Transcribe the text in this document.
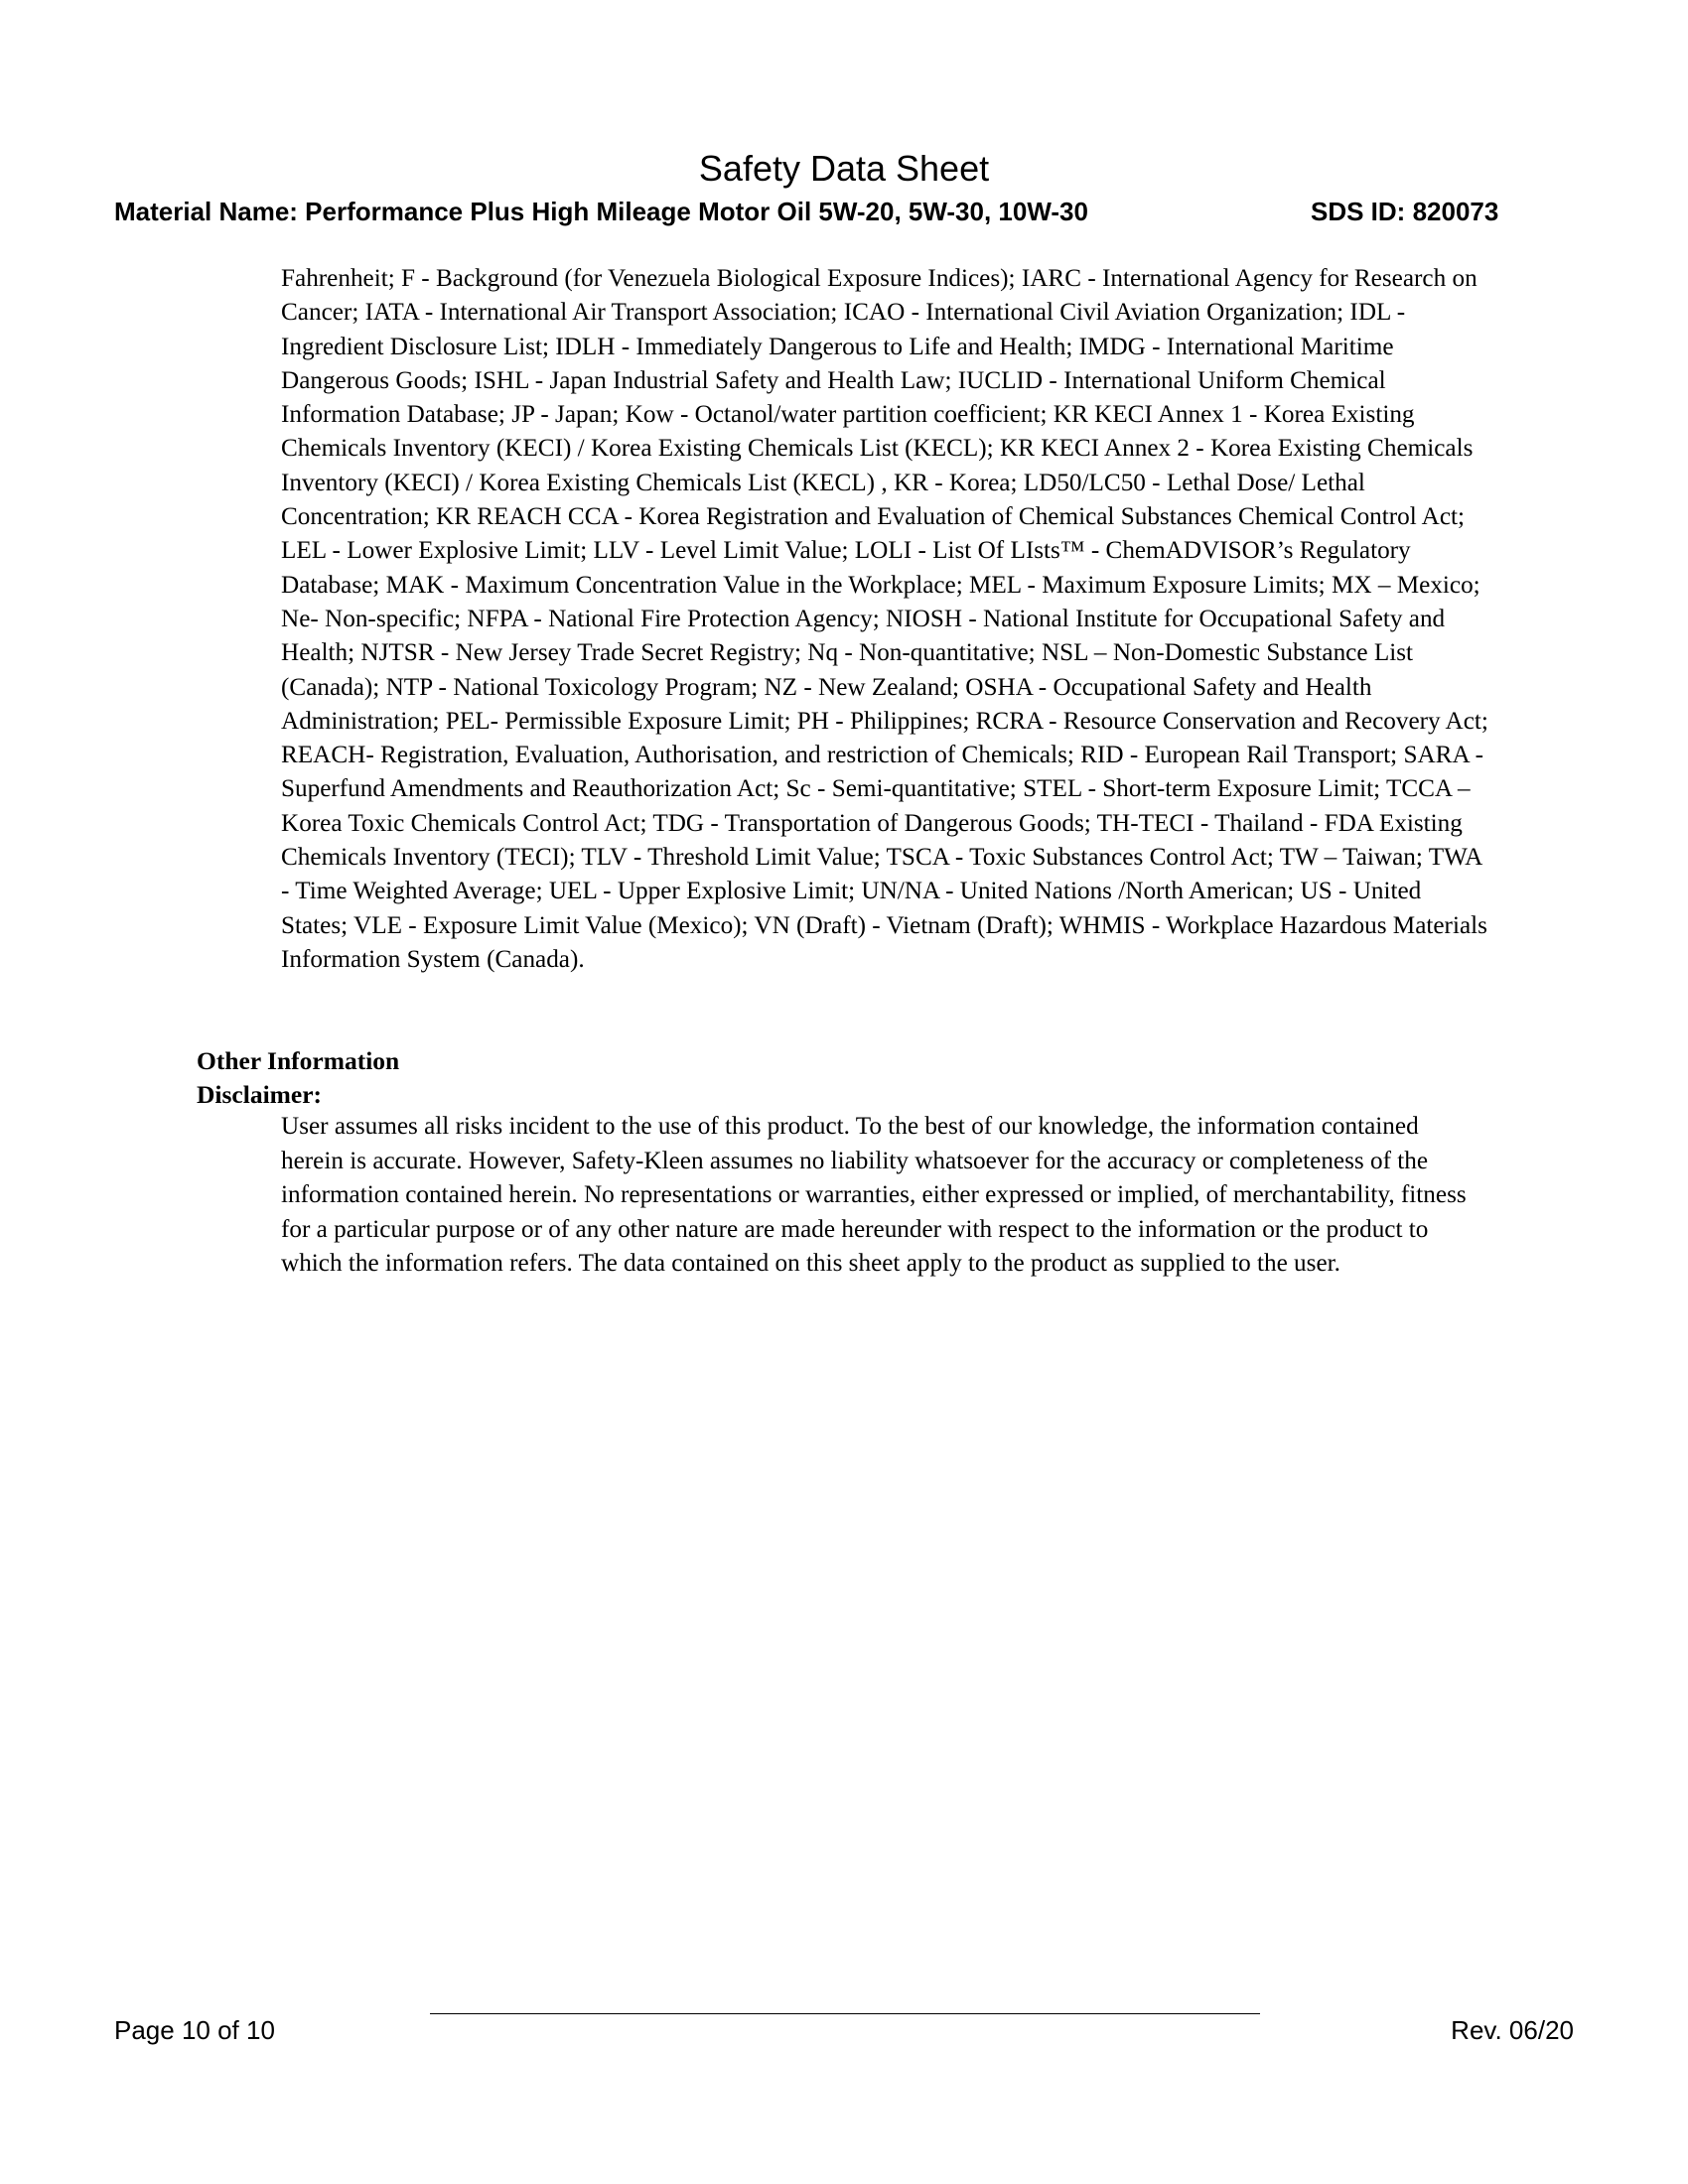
Safety Data Sheet
Material Name: Performance Plus High Mileage Motor Oil 5W-20, 5W-30, 10W-30	SDS ID: 820073

Fahrenheit; F - Background (for Venezuela Biological Exposure Indices); IARC - International Agency for Research on Cancer; IATA - International Air Transport Association; ICAO - International Civil Aviation Organization; IDL - Ingredient Disclosure List; IDLH - Immediately Dangerous to Life and Health; IMDG - International Maritime Dangerous Goods; ISHL - Japan Industrial Safety and Health Law; IUCLID - International Uniform Chemical Information Database; JP - Japan; Kow - Octanol/water partition coefficient; KR KECI Annex 1 - Korea Existing Chemicals Inventory (KECI) / Korea Existing Chemicals List (KECL); KR KECI Annex 2 - Korea Existing Chemicals Inventory (KECI) / Korea Existing Chemicals List (KECL) , KR - Korea; LD50/LC50 - Lethal Dose/ Lethal Concentration; KR REACH CCA - Korea Registration and Evaluation of Chemical Substances Chemical Control Act; LEL - Lower Explosive Limit; LLV - Level Limit Value; LOLI - List Of LIsts™ - ChemADVISOR’s Regulatory Database; MAK - Maximum Concentration Value in the Workplace; MEL - Maximum Exposure Limits; MX – Mexico; Ne- Non-specific; NFPA - National Fire Protection Agency; NIOSH - National Institute for Occupational Safety and Health; NJTSR - New Jersey Trade Secret Registry; Nq - Non-quantitative; NSL – Non-Domestic Substance List (Canada); NTP - National Toxicology Program; NZ - New Zealand; OSHA - Occupational Safety and Health Administration; PEL- Permissible Exposure Limit; PH - Philippines; RCRA - Resource Conservation and Recovery Act; REACH- Registration, Evaluation, Authorisation, and restriction of Chemicals; RID - European Rail Transport; SARA - Superfund Amendments and Reauthorization Act; Sc - Semi-quantitative; STEL - Short-term Exposure Limit; TCCA – Korea Toxic Chemicals Control Act; TDG - Transportation of Dangerous Goods; TH-TECI - Thailand - FDA Existing Chemicals Inventory (TECI); TLV - Threshold Limit Value; TSCA - Toxic Substances Control Act; TW – Taiwan; TWA - Time Weighted Average; UEL - Upper Explosive Limit; UN/NA - United Nations /North American; US - United States; VLE - Exposure Limit Value (Mexico); VN (Draft) - Vietnam (Draft); WHMIS - Workplace Hazardous Materials Information System (Canada).

Other Information
Disclaimer:

User assumes all risks incident to the use of this product. To the best of our knowledge, the information contained herein is accurate. However, Safety-Kleen assumes no liability whatsoever for the accuracy or completeness of the information contained herein. No representations or warranties, either expressed or implied, of merchantability, fitness for a particular purpose or of any other nature are made hereunder with respect to the information or the product to which the information refers. The data contained on this sheet apply to the product as supplied to the user.

Page 10 of 10	Rev. 06/20
